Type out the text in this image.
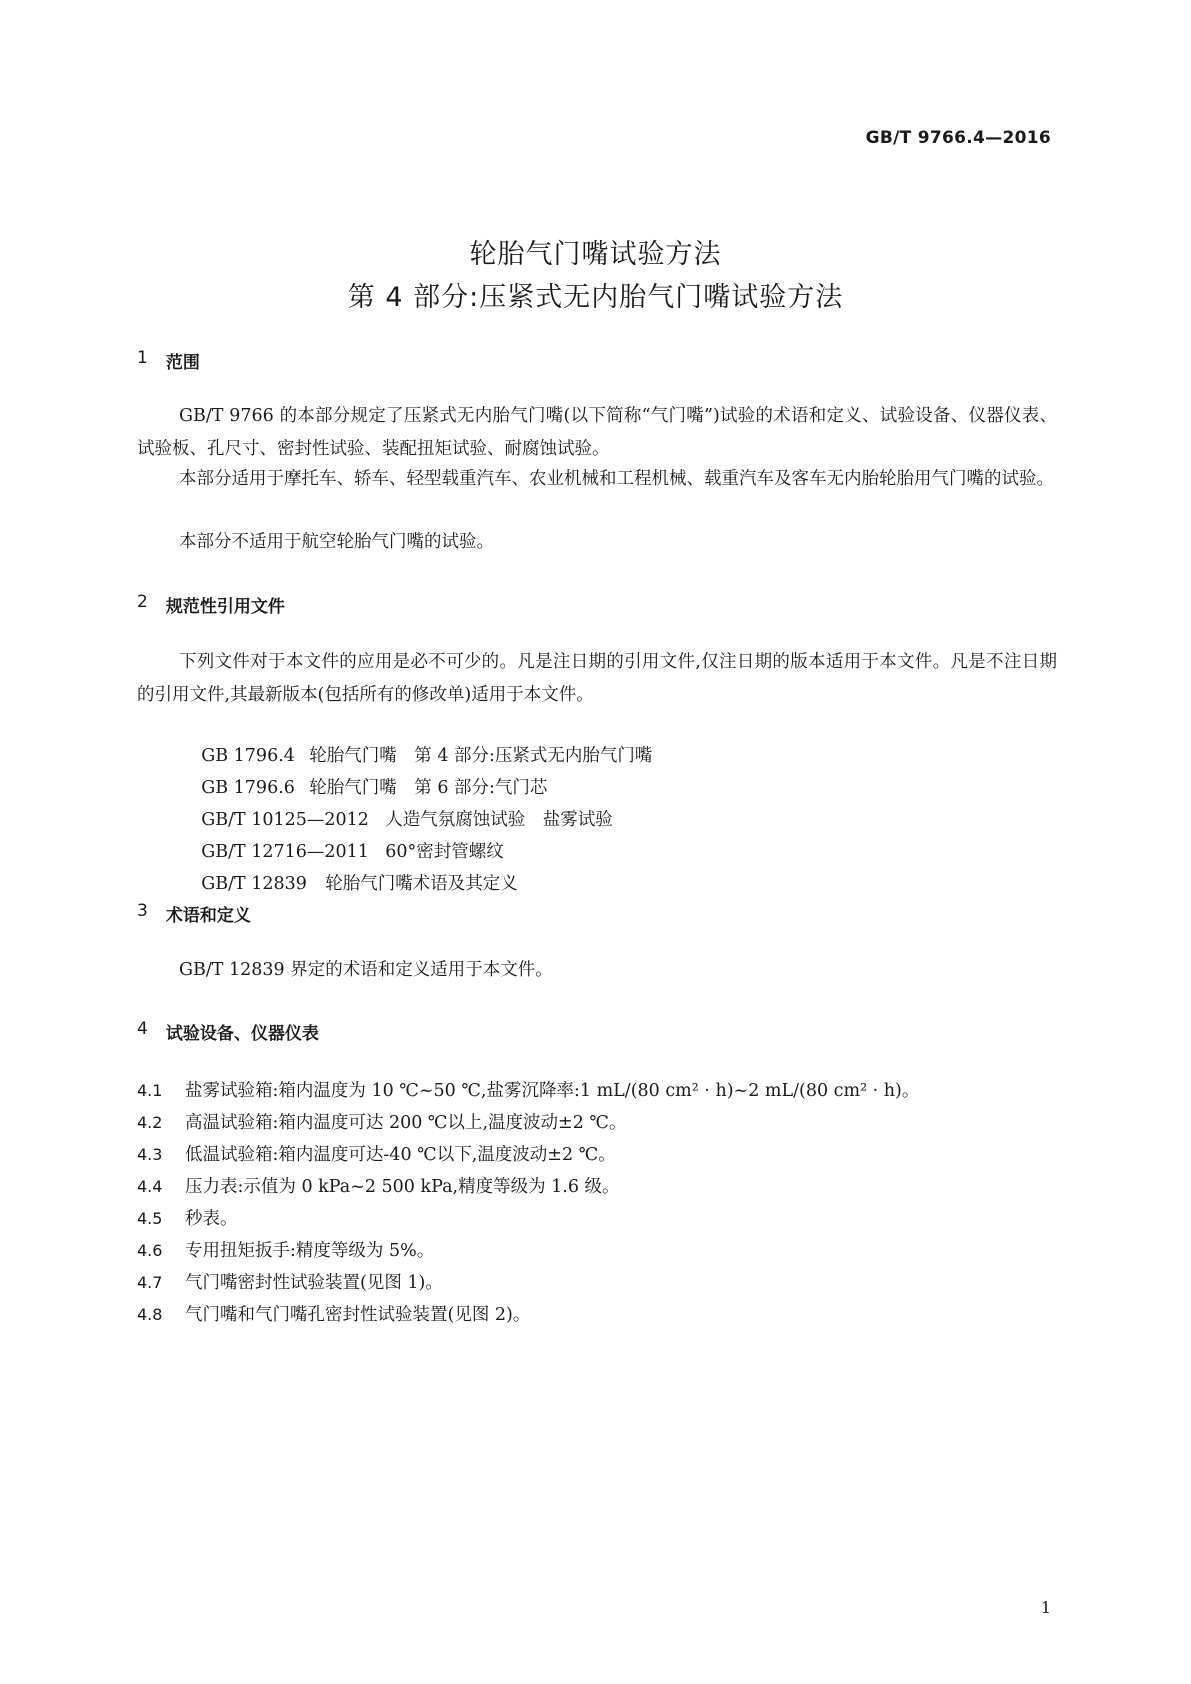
GB/T 9766.4—2016
轮胎气门嘴试验方法
第 4 部分:压紧式无内胎气门嘴试验方法
1 范围

GB/T 9766 的本部分规定了压紧式无内胎气门嘴(以下简称“气门嘴”)试验的术语和定义、试验设备、仪器仪表、试验板、孔尺寸、密封性试验、装配扭矩试验、耐腐蚀试验。

本部分适用于摩托车、轿车、轻型载重汽车、农业机械和工程机械、载重汽车及客车无内胎轮胎用气门嘴的试验。

本部分不适用于航空轮胎气门嘴的试验。

2 规范性引用文件

下列文件对于本文件的应用是必不可少的。凡是注日期的引用文件,仅注日期的版本适用于本文件。凡是不注日期的引用文件,其最新版本(包括所有的修改单)适用于本文件。

GB 1796.4 轮胎气门嘴　第 4 部分:压紧式无内胎气门嘴

GB 1796.6 轮胎气门嘴　第 6 部分:气门芯

GB/T 10125—2012 人造气氛腐蚀试验　盐雾试验

GB/T 12716—2011 60°密封管螺纹

GB/T 12839 轮胎气门嘴术语及其定义

3 术语和定义

GB/T 12839 界定的术语和定义适用于本文件。

4 试验设备、仪器仪表
4.1 盐雾试验箱:箱内温度为 10 ℃~50 ℃,盐雾沉降率:1 mL/(80 cm² · h)~2 mL/(80 cm² · h)。
4.2 高温试验箱:箱内温度可达 200 ℃以上,温度波动±2 ℃。
4.3 低温试验箱:箱内温度可达-40 ℃以下,温度波动±2 ℃。
4.4 压力表:示值为 0 kPa~2 500 kPa,精度等级为 1.6 级。
4.5 秒表。
4.6 专用扭矩扳手:精度等级为 5%。
4.7 气门嘴密封性试验装置(见图 1)。
4.8 气门嘴和气门嘴孔密封性试验装置(见图 2)。
1
